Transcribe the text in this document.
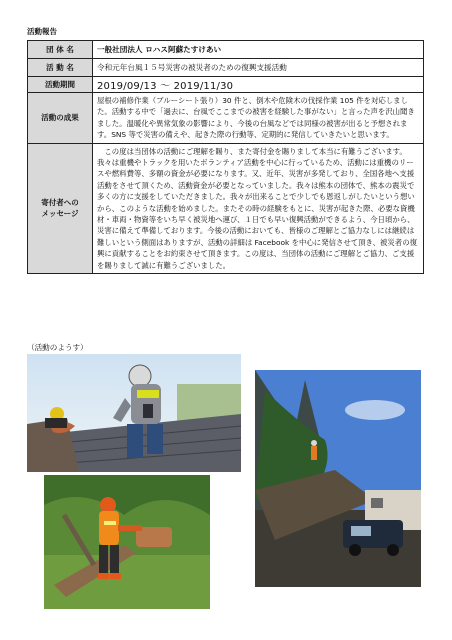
活動報告
団 体 名	一般社団法人 ロハス阿蘇たすけあい
活 動 名	令和元年台風１５号災害の被災者のための復興支援活動
活動期間	2019/09/13 ～ 2019/11/30
活動の成果	屋根の補修作業（ブルーシート張り）30 件と、倒木や危険木の伐採作業 105 件を対応しました。活動する中で「過去に、台風でここまでの被害を経験した事がない」と言った声を沢山聞きました。温暖化や異常気象の影響により、今後の台風などでは同様の被害が出ると予想されます。SNS 等で災害の備えや、起きた際の行動等、定期的に発信していきたいと思います。
寄付者への
メッセージ	この度は当団体の活動にご理解を賜り、また寄付金を賜りまして本当に有難うございます。我々は重機やトラックを用いたボランティア活動を中心に行っているため、活動には重機のリースや燃料費等、多額の資金が必要になります。又、近年、災害が多発しており、全国各地へ支援活動をさせて頂くため、活動資金が必要となっていました。我々は熊本の団体で、熊本の震災で多くの方に支援をしていただきました。我々が出来ることで少しでも恩返しがしたいという想いから、このような活動を始めました。またその時の経験をもとに、災害が起きた際、必要な資機材・車両・物資等をいち早く被災地へ運び、１日でも早い復興活動ができるよう、今日頃から、災害に備えて準備しております。今後の活動においても、皆様のご理解とご協力なしには継続は難しいという側面はありますが、活動の詳細は Facebook を中心に発信させて頂き、被災者の復興に貢献することをお約束させて頂きます。この度は、当団体の活動にご理解とご協力、ご支援を賜りまして誠に有難うございました。
（活動のようす）
